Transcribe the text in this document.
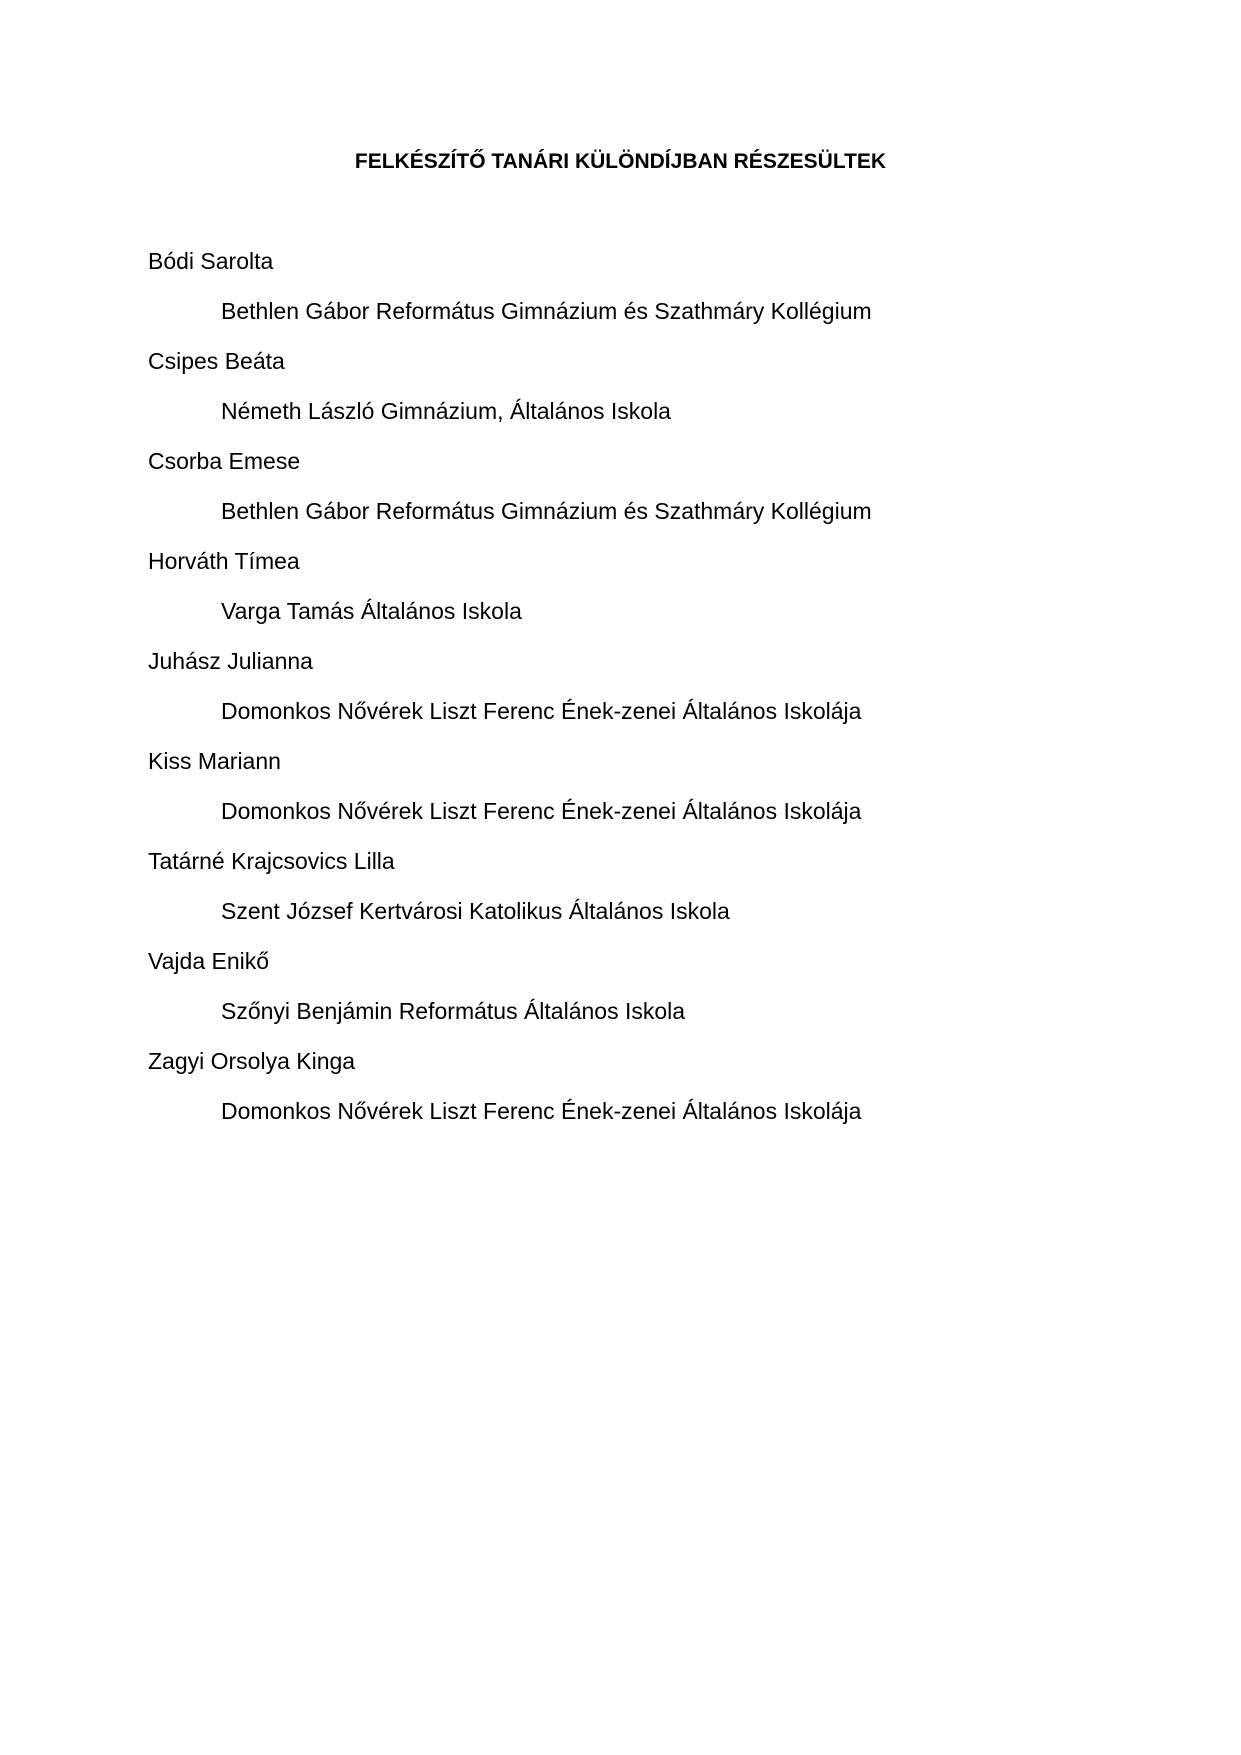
FELKÉSZÍTŐ TANÁRI KÜLÖNDÍJBAN RÉSZESÜLTEK
Bódi Sarolta
Bethlen Gábor Református Gimnázium és Szathmáry Kollégium
Csipes Beáta
Németh László Gimnázium, Általános Iskola
Csorba Emese
Bethlen Gábor Református Gimnázium és Szathmáry Kollégium
Horváth Tímea
Varga Tamás Általános Iskola
Juhász Julianna
Domonkos Nővérek Liszt Ferenc Ének-zenei Általános Iskolája
Kiss Mariann
Domonkos Nővérek Liszt Ferenc Ének-zenei Általános Iskolája
Tatárné Krajcsovics Lilla
Szent József Kertvárosi Katolikus Általános Iskola
Vajda Enikő
Szőnyi Benjámin Református Általános Iskola
Zagyi Orsolya Kinga
Domonkos Nővérek Liszt Ferenc Ének-zenei Általános Iskolája
